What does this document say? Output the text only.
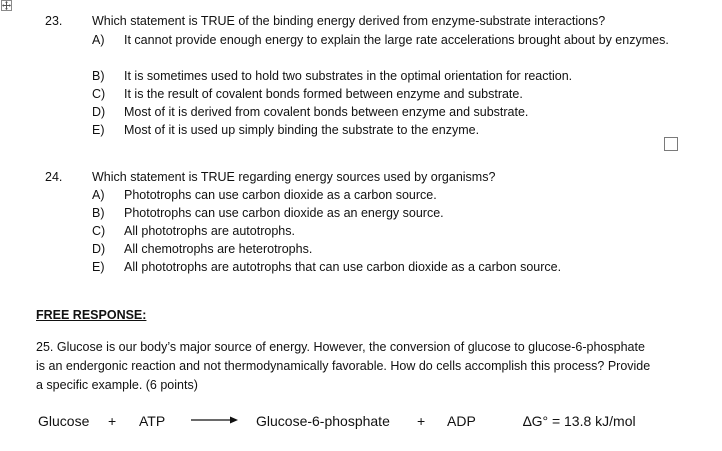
23. Which statement is TRUE of the binding energy derived from enzyme-substrate interactions?
A)	It cannot provide enough energy to explain the large rate accelerations brought about by enzymes.
B)	It is sometimes used to hold two substrates in the optimal orientation for reaction.
C)	It is the result of covalent bonds formed between enzyme and substrate.
D)	Most of it is derived from covalent bonds between enzyme and substrate.
E)	Most of it is used up simply binding the substrate to the enzyme.
24. Which statement is TRUE regarding energy sources used by organisms?
A)	Phototrophs can use carbon dioxide as a carbon source.
B)	Phototrophs can use carbon dioxide as an energy source.
C)	All phototrophs are autotrophs.
D)	All chemotrophs are heterotrophs.
E)	All phototrophs are autotrophs that can use carbon dioxide as a carbon source.
FREE RESPONSE:
25. Glucose is our body’s major source of energy. However, the conversion of glucose to glucose-6-phosphate is an endergonic reaction and not thermodynamically favorable. How do cells accomplish this process? Provide a specific example. (6 points)
Glucose + ATP	Glucose-6-phosphate + ADP	∆G° = 13.8 kJ/mol
